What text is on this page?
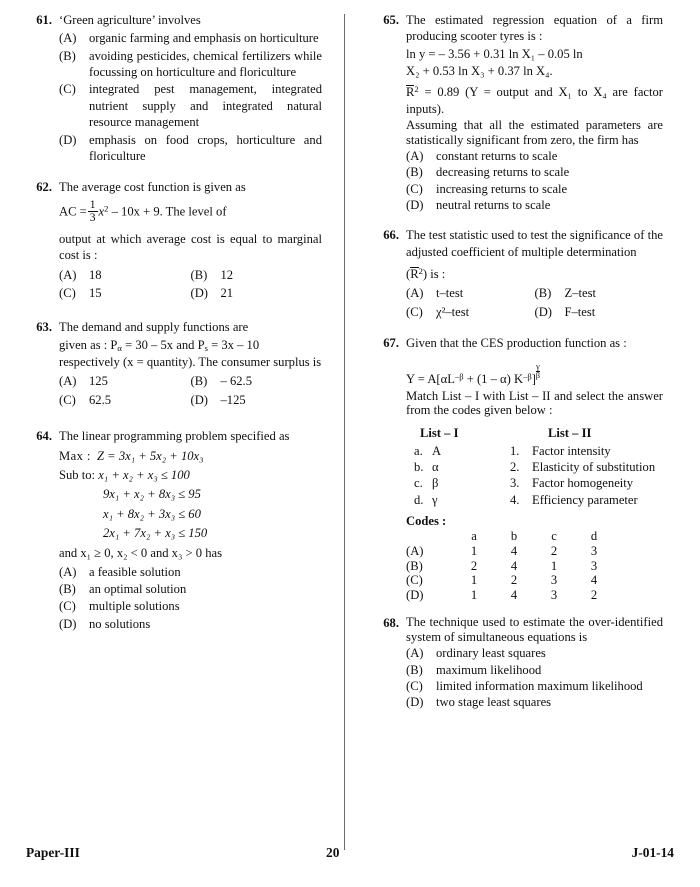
61. ‘Green agriculture’ involves

(A) organic farming and emphasis on horticulture
(B)	avoiding pesticides, chemical fertilizers while focussing on horticulture and floriculture
(C)	integrated pest management, integrated nutrient supply and integrated natural resource management
(D) emphasis on food crops, horticulture and floriculture
62. The average cost function is given as

AC = $\frac{1}{3} x^2 - 10x + 9$. The level of

output at which average cost is equal to marginal cost is :

(A) 18	(B)	12
(C)	15	(D) 21
63. The demand and supply functions are

given as : $P_\alpha = 30 - 5x$ and $P_s = 3x - 10$

respectively (x = quantity). The consumer surplus is

(A) 125	(B)	– 62.5
(C)	62.5	(D) –125
64. The linear programming problem specified as

Max : Z = 3x₁ + 5x₂ + 10x₃

Sub to: x₁ + x₂ + x₃ ≤ 100

9x₁ + x₂ + 8x₃ ≤ 95

x₁ + 8x₂ + 3x₃ ≤ 60

2x₁ + 7x₂ + x₃ ≤ 150

and x₁ ≥ 0, x₂ < 0 and x₃ > 0 has

(A) a feasible solution
(B)	an optimal solution
(C)	multiple solutions
(D) no solutions
65. The estimated regression equation of a firm producing scooter tyres is :

ln y = – 3.56 + 0.31 ln X₁ – 0.05 ln

X₂ + 0.53 ln X₃ + 0.37 ln X₄.

$R^2 = 0.89$ (Y = output and X₁ to X₄ are factor inputs).

Assuming that all the estimated parameters are statistically significant from zero, the firm has

(A) constant returns to scale
(B)	decreasing returns to scale
(C)	increasing returns to scale
(D) neutral returns to scale
66. The test statistic used to test the significance of the adjusted coefficient of multiple determination

$(R^2)$ is :

(A) t–test	(B)	Z–test
(C)	χ²–test	(D) F–test
67. Given that the CES production function as :

$Y = A[\alpha L^{-\beta} + (1 - \alpha)$ $K^{-\beta}] \frac{\gamma}{\beta}$

Match List – I with List – II and select the answer from the codes given below :

List – I	List – II
a. A	1. Factor intensity
b. α	2. Elasticity of substitution
c. β	3. Factor homogeneity
d. γ	4. Efficiency parameter
Codes :
a	b	c	d
(A)	1	4	2	3
(B)	2	4	1	3
(C)	1	2	3	4
(D)	1	4	3	2
68. The technique used to estimate the over-identified system of simultaneous equations is

(A) ordinary least squares
(B)	maximum likelihood
(C)	limited information maximum likelihood
(D) two stage least squares
Paper-III	20	J-01-14
